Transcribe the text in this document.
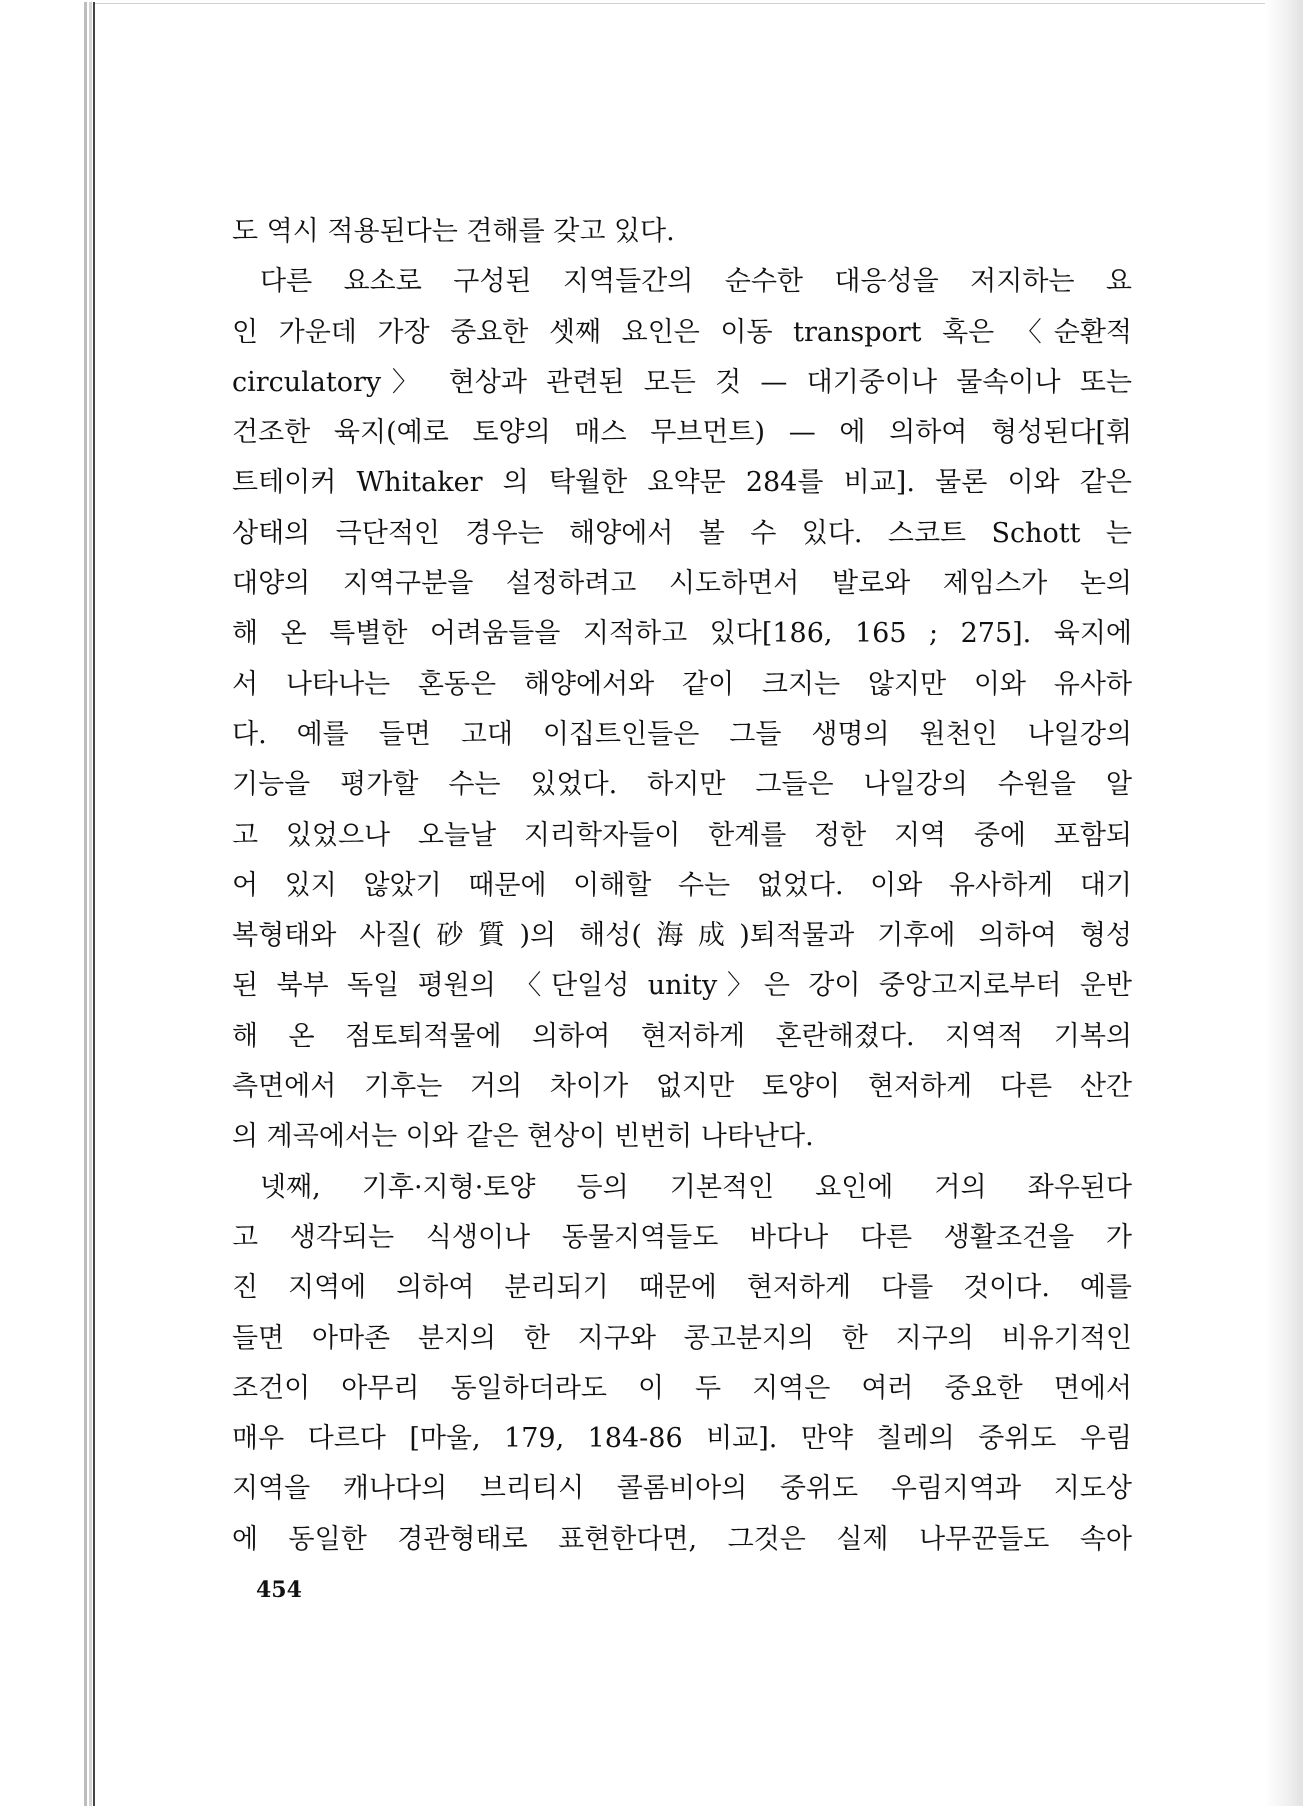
도 역시 적용된다는 견해를 갖고 있다.
다른 요소로 구성된 지역들간의 순수한 대응성을 저지하는 요
인 가운데 가장 중요한 셋째 요인은 이동 transport 혹은 〈순환적
circulatory〉 현상과 관련된 모든 것 — 대기중이나 물속이나 또는
건조한 육지(예로 토양의 매스 무브먼트) — 에 의하여 형성된다[휘
트테이커 Whitaker 의 탁월한 요약문 284를 비교]. 물론 이와 같은
상태의 극단적인 경우는 해양에서 볼 수 있다. 스코트 Schott 는
대양의 지역구분을 설정하려고 시도하면서 발로와 제임스가 논의
해 온 특별한 어려움들을 지적하고 있다[186, 165 ; 275]. 육지에
서 나타나는 혼동은 해양에서와 같이 크지는 않지만 이와 유사하
다. 예를 들면 고대 이집트인들은 그들 생명의 원천인 나일강의
기능을 평가할 수는 있었다. 하지만 그들은 나일강의 수원을 알
고 있었으나 오늘날 지리학자들이 한계를 정한 지역 중에 포함되
어 있지 않았기 때문에 이해할 수는 없었다. 이와 유사하게 대기
복형태와 사질(砂質)의 해성(海成)퇴적물과 기후에 의하여 형성
된 북부 독일 평원의 〈단일성 unity〉은 강이 중앙고지로부터 운반
해 온 점토퇴적물에 의하여 현저하게 혼란해졌다. 지역적 기복의
측면에서 기후는 거의 차이가 없지만 토양이 현저하게 다른 산간
의 계곡에서는 이와 같은 현상이 빈번히 나타난다.
넷째, 기후·지형·토양 등의 기본적인 요인에 거의 좌우된다
고 생각되는 식생이나 동물지역들도 바다나 다른 생활조건을 가
진 지역에 의하여 분리되기 때문에 현저하게 다를 것이다. 예를
들면 아마존 분지의 한 지구와 콩고분지의 한 지구의 비유기적인
조건이 아무리 동일하더라도 이 두 지역은 여러 중요한 면에서
매우 다르다 [마울, 179, 184-86 비교]. 만약 칠레의 중위도 우림
지역을 캐나다의 브리티시 콜롬비아의 중위도 우림지역과 지도상
에 동일한 경관형태로 표현한다면, 그것은 실제 나무꾼들도 속아
454
